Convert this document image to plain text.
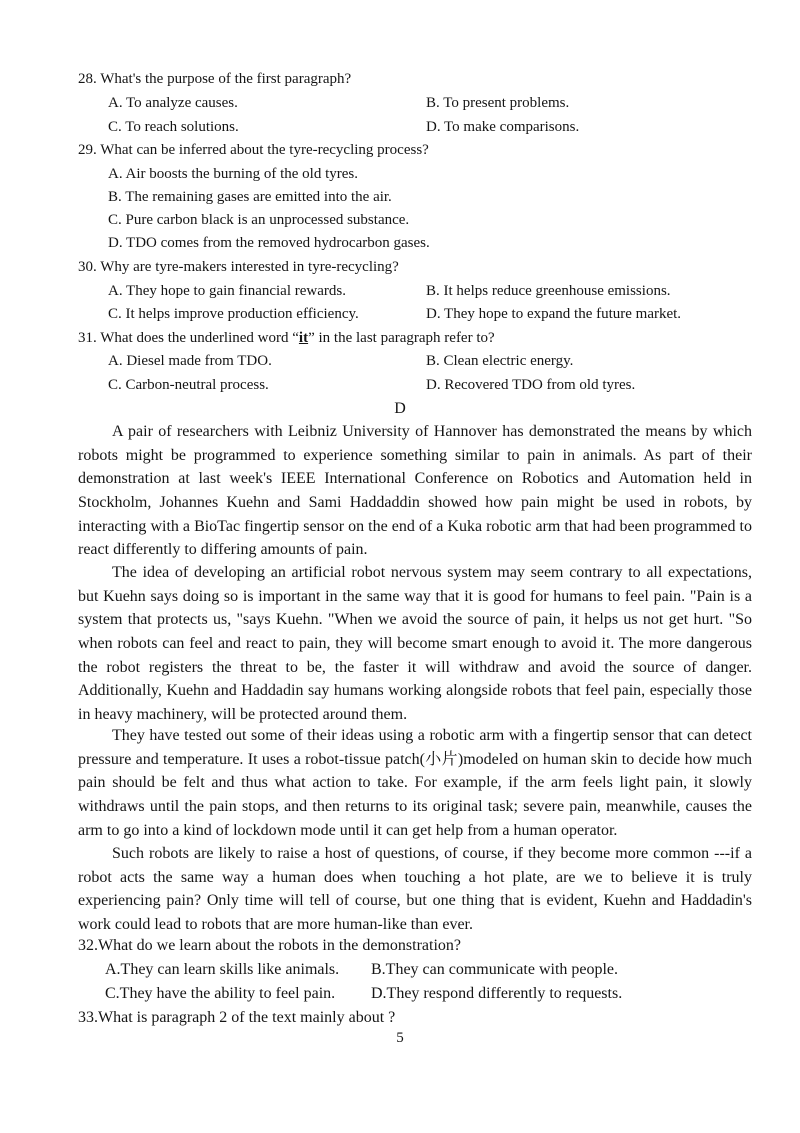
28. What's the purpose of the first paragraph?
A. To analyze causes.	B. To present problems.
C. To reach solutions.	D. To make comparisons.
29. What can be inferred about the tyre-recycling process?
A. Air boosts the burning of the old tyres.
B. The remaining gases are emitted into the air.
C. Pure carbon black is an unprocessed substance.
D. TDO comes from the removed hydrocarbon gases.
30. Why are tyre-makers interested in tyre-recycling?
A. They hope to gain financial rewards.	B. It helps reduce greenhouse emissions.
C. It helps improve production efficiency.	D. They hope to expand the future market.
31. What does the underlined word “it” in the last paragraph refer to?
A. Diesel made from TDO.	B. Clean electric energy.
C. Carbon-neutral process.	D. Recovered TDO from old tyres.
D

A pair of researchers with Leibniz University of Hannover has demonstrated the means by which robots might be programmed to experience something similar to pain in animals. As part of their demonstration at last week's IEEE International Conference on Robotics and Automation held in Stockholm, Johannes Kuehn and Sami Haddaddin showed how pain might be used in robots, by interacting with a BioTac fingertip sensor on the end of a Kuka robotic arm that had been programmed to react differently to differing amounts of pain.

The idea of developing an artificial robot nervous system may seem contrary to all expectations, but Kuehn says doing so is important in the same way that it is good for humans to feel pain. "Pain is a system that protects us, "says Kuehn. "When we avoid the source of pain, it helps us not get hurt. "So when robots can feel and react to pain, they will become smart enough to avoid it. The more dangerous the robot registers the threat to be, the faster it will withdraw and avoid the source of danger. Additionally, Kuehn and Haddadin say humans working alongside robots that feel pain, especially those in heavy machinery, will be protected around them.

They have tested out some of their ideas using a robotic arm with a fingertip sensor that can detect pressure and temperature. It uses a robot-tissue patch(小片)modeled on human skin to decide how much pain should be felt and thus what action to take. For example, if the arm feels light pain, it slowly withdraws until the pain stops, and then returns to its original task; severe pain, meanwhile, causes the arm to go into a kind of lockdown mode until it can get help from a human operator.

Such robots are likely to raise a host of questions, of course, if they become more common ---if a robot acts the same way a human does when touching a hot plate, are we to believe it is truly experiencing pain? Only time will tell of course, but one thing that is evident, Kuehn and Haddadin's work could lead to robots that are more human-like than ever.

32.What do we learn about the robots in the demonstration?
A.They can learn skills like animals. B.They can communicate with people.
C.They have the ability to feel pain. D.They respond differently to requests.
33.What is paragraph 2 of the text mainly about ?
5
